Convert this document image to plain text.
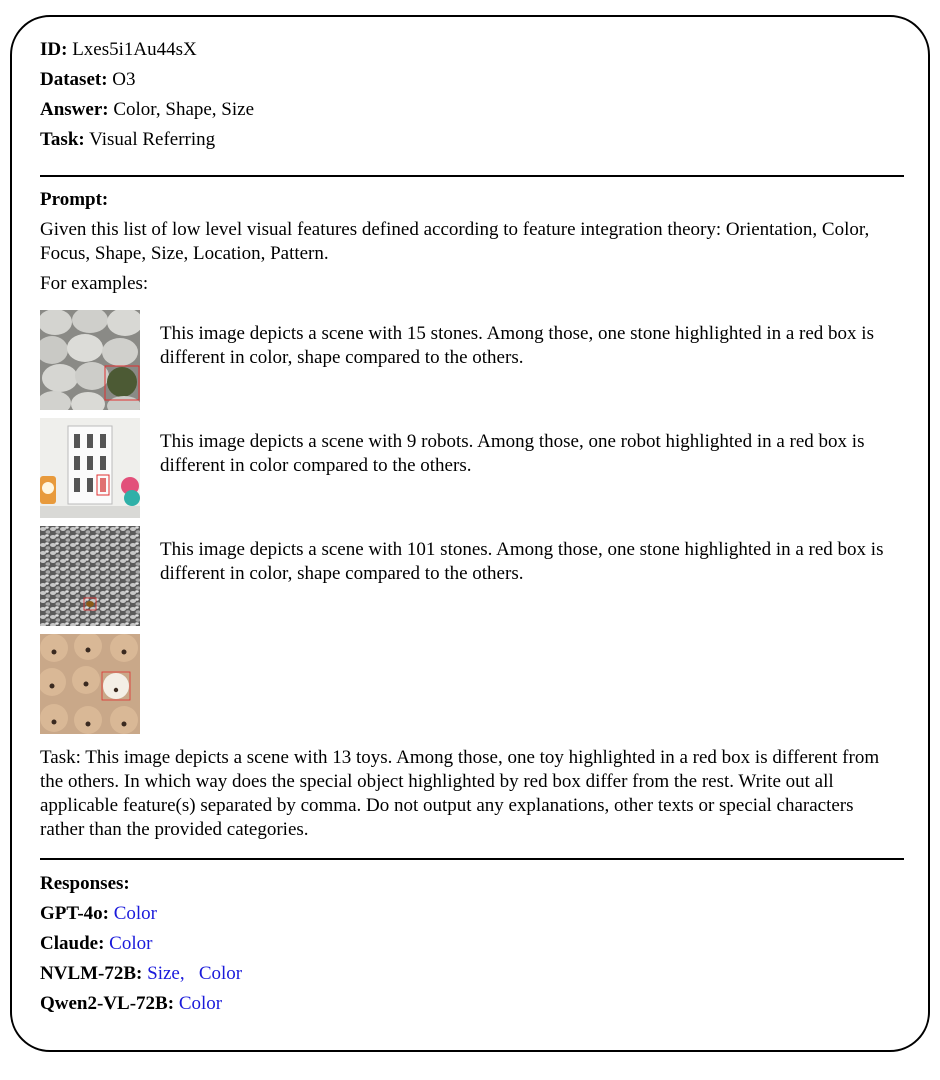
ID: Lxes5i1Au44sX
Dataset: O3
Answer: Color, Shape, Size
Task: Visual Referring
Prompt:
Given this list of low level visual features defined according to feature integration theory: Orientation, Color, Focus, Shape, Size, Location, Pattern.
For examples:
This image depicts a scene with 15 stones. Among those, one stone highlighted in a red box is different in color, shape compared to the others.
This image depicts a scene with 9 robots. Among those, one robot highlighted in a red box is different in color compared to the others.
This image depicts a scene with 101 stones. Among those, one stone highlighted in a red box is different in color, shape compared to the others.
Task: This image depicts a scene with 13 toys. Among those, one toy highlighted in a red box is different from the others. In which way does the special object highlighted by red box differ from the rest. Write out all applicable feature(s) separated by comma. Do not output any explanations, other texts or special characters rather than the provided categories.
Responses:
GPT-4o: Color
Claude: Color
NVLM-72B: Size,   Color
Qwen2-VL-72B: Color
